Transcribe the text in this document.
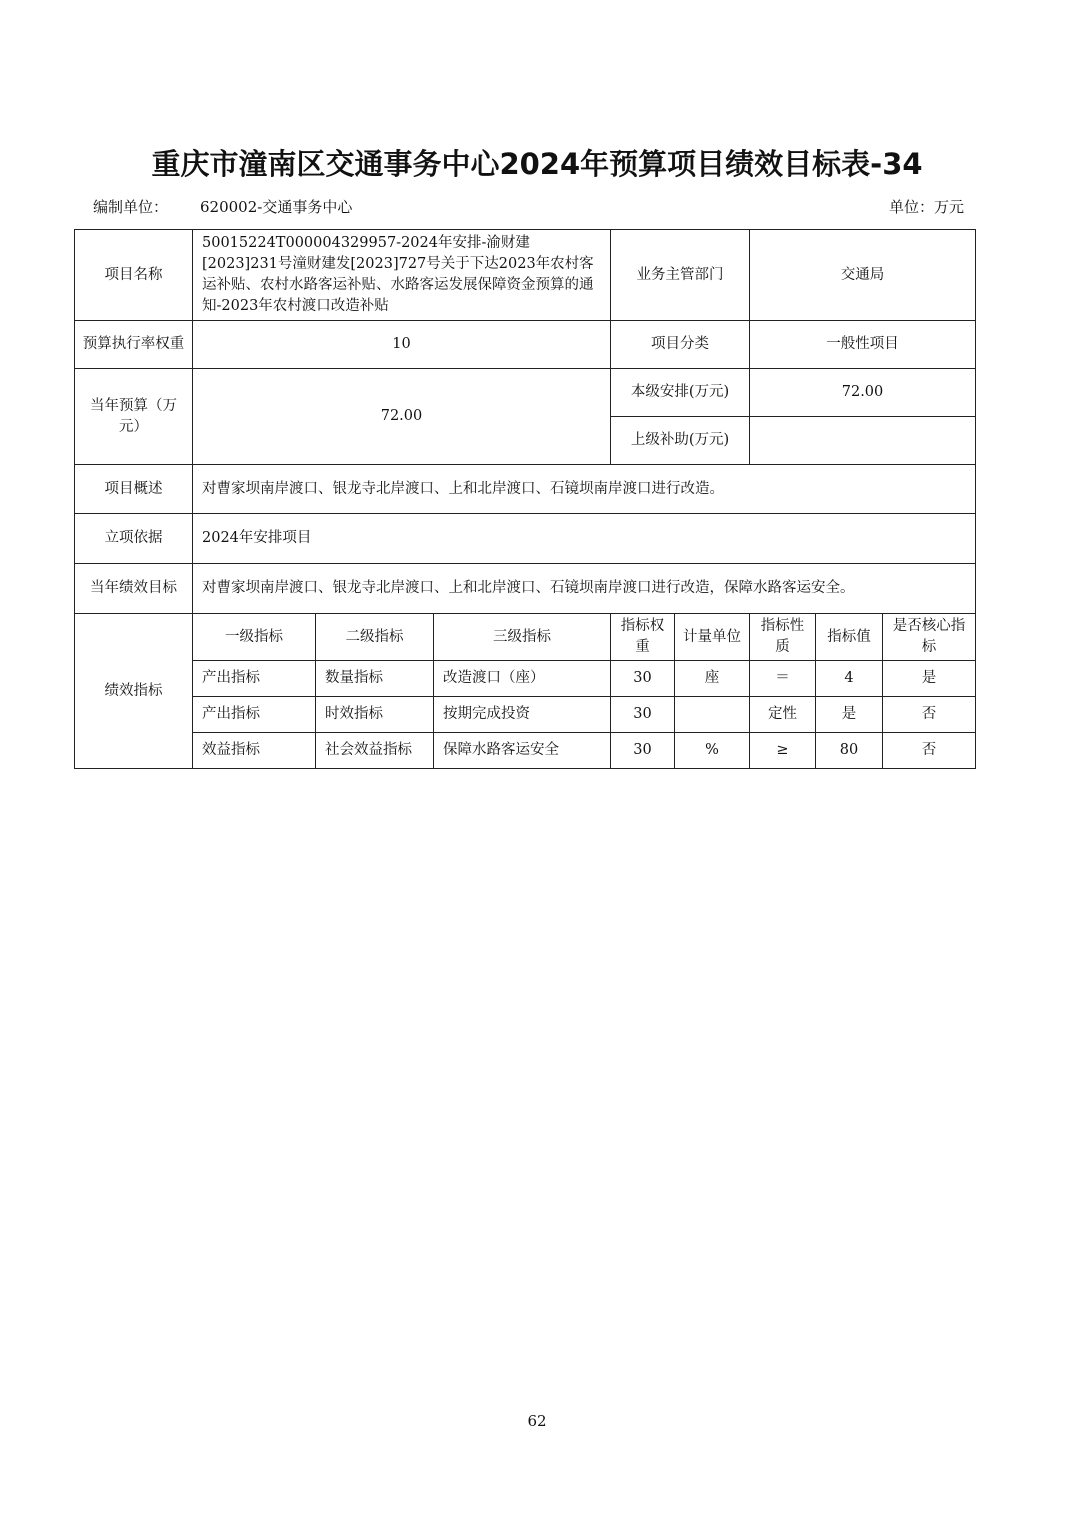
重庆市潼南区交通事务中心2024年预算项目绩效目标表-34
编制单位： 620002-交通事务中心	单位：万元
项目名称	50015224T000004329957-2024年安排-渝财建[2023]231号潼财建发[2023]727号关于下达2023年农村客运补贴、农村水路客运补贴、水路客运发展保障资金预算的通知-2023年农村渡口改造补贴			业务主管部门		交通局		
预算执行率权重	10			项目分类		一般性项目		
当年预算（万元）	72.00			本级安排(万元)		72.00		
				上级补助(万元)				
项目概述	对曹家坝南岸渡口、银龙寺北岸渡口、上和北岸渡口、石镜坝南岸渡口进行改造。							
立项依据	2024年安排项目							
当年绩效目标	对曹家坝南岸渡口、银龙寺北岸渡口、上和北岸渡口、石镜坝南岸渡口进行改造，保障水路客运安全。							
绩效指标	一级指标	二级指标	三级指标	指标权重	计量单位	指标性质	指标值	是否核心指标
	产出指标	数量指标	改造渡口（座）	30	座	＝	4	是
	产出指标	时效指标	按期完成投资	30		定性	是	否
	效益指标	社会效益指标	保障水路客运安全	30	%	≥	80	否
62
